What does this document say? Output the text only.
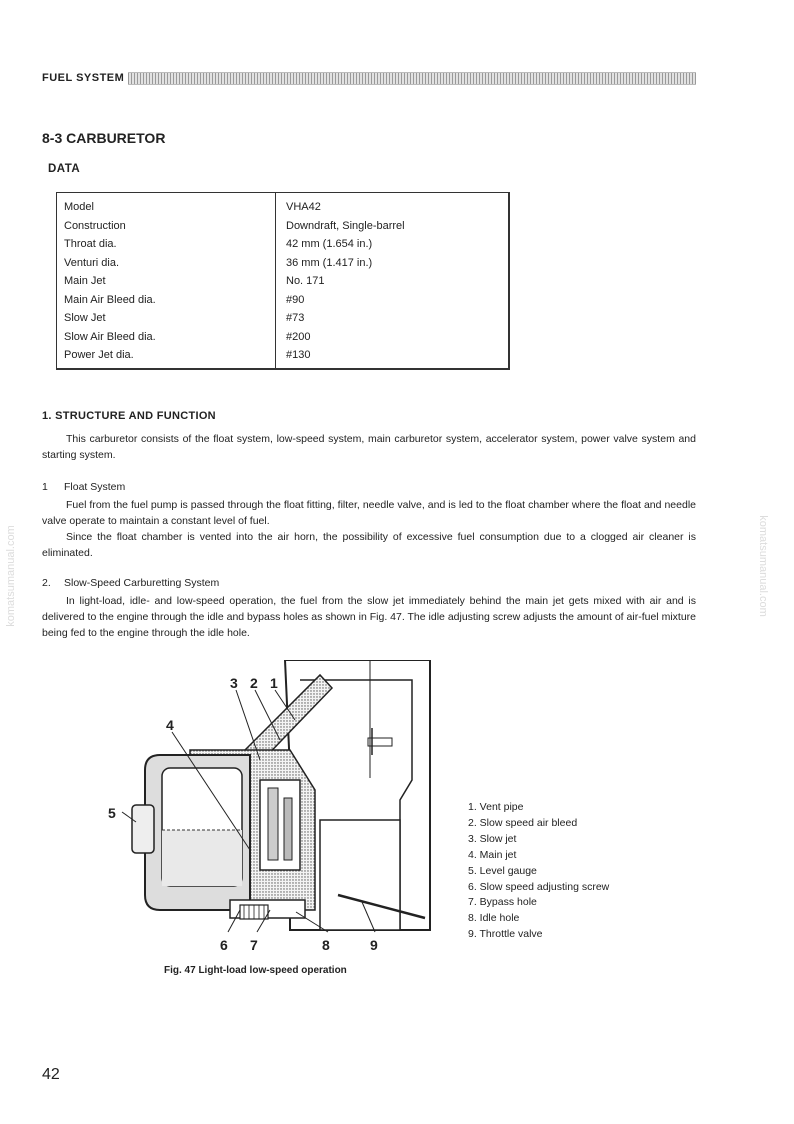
FUEL SYSTEM
8-3 CARBURETOR
DATA
Model	VHA42
Construction	Downdraft, Single-barrel
Throat dia.	42 mm (1.654 in.)
Venturi dia.	36 mm (1.417 in.)
Main Jet	No. 171
Main Air Bleed dia.	#90
Slow Jet	#73
Slow Air Bleed dia.	#200
Power Jet dia.	#130
1. STRUCTURE AND FUNCTION

This carburetor consists of the float system, low-speed system, main carburetor system, accelerator system, power valve system and starting system.

1 Float System

Fuel from the fuel pump is passed through the float fitting, filter, needle valve, and is led to the float chamber where the float and needle valve operate to maintain a constant level of fuel.

Since the float chamber is vented into the air horn, the possibility of excessive fuel consumption due to a clogged air cleaner is eliminated.

2. Slow-Speed Carburetting System

In light-load, idle- and low-speed operation, the fuel from the slow jet immediately behind the main jet gets mixed with air and is delivered to the engine through the idle and bypass holes as shown in Fig. 47. The idle adjusting screw adjusts the amount of air-fuel mixture being fed to the engine through the idle hole.

3 2 1
4
5
6 7	8	9
1. Vent pipe
2. Slow speed air bleed
3. Slow jet
4. Main jet
5. Level gauge
6. Slow speed adjusting screw
7. Bypass hole
8. Idle hole
9. Throttle valve
Fig. 47 Light-load low-speed operation
42
komatsumanual.com	komatsumanual.com
